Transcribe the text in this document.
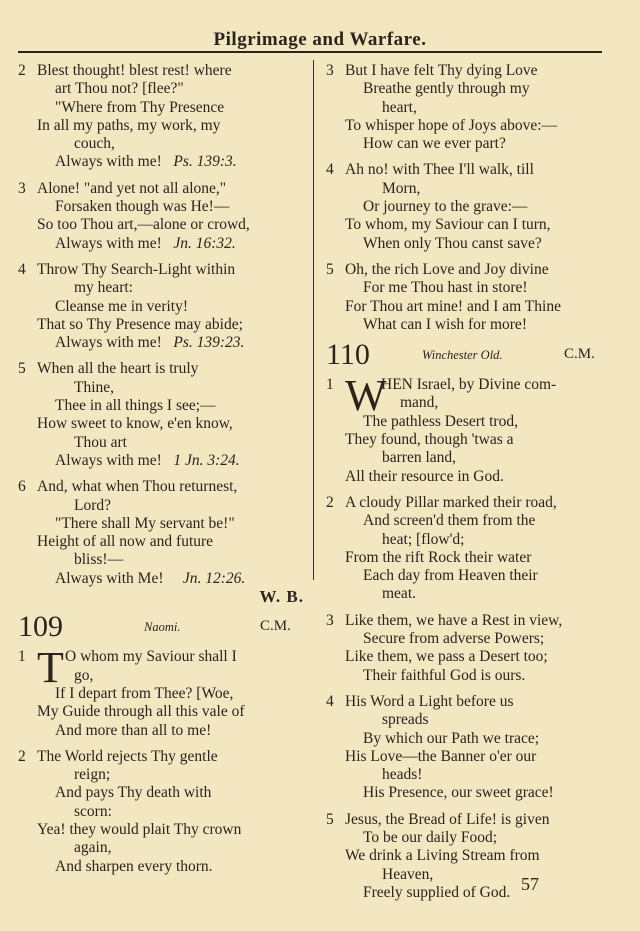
Pilgrimage and Warfare.
2 Blest thought! blest rest! where
art Thou not? [flee?"
"Where from Thy Presence
In all my paths, my work, my
couch,
Always with me! Ps. 139:3.
3 Alone! "and yet not all alone,"
Forsaken though was He!—
So too Thou art,—alone or crowd,
Always with me! Jn. 16:32.
4 Throw Thy Search-Light within
my heart:
Cleanse me in verity!
That so Thy Presence may abide;
Always with me! Ps. 139:23.
5 When all the heart is truly
Thine,
Thee in all things I see;—
How sweet to know, e'en know,
Thou art
Always with me! 1 Jn. 3:24.
6 And, what when Thou returnest,
Lord?
"There shall My servant be!"
Height of all now and future
bliss!—
Always with Me! Jn. 12:26.
W. B.
109	Naomi.	C.M.
T
1	O whom my Saviour shall I
go,
If I depart from Thee? [Woe,
My Guide through all this vale of
And more than all to me!
2 The World rejects Thy gentle
reign;
And pays Thy death with
scorn:
Yea! they would plait Thy crown
again,
And sharpen every thorn.
3 But I have felt Thy dying Love
Breathe gently through my
heart,
To whisper hope of Joys above:—
How can we ever part?
4 Ah no! with Thee I'll walk, till
Morn,
Or journey to the grave:—
To whom, my Saviour can I turn,
When only Thou canst save?
5 Oh, the rich Love and Joy divine
For me Thou hast in store!
For Thou art mine! and I am Thine
What can I wish for more!
110	Winchester Old.	C.M.
W
1	HEN Israel, by Divine com-
mand,
The pathless Desert trod,
They found, though 'twas a
barren land,
All their resource in God.
2 A cloudy Pillar marked their road,
And screen'd them from the
heat; [flow'd;
From the rift Rock their water
Each day from Heaven their
meat.
3 Like them, we have a Rest in view,
Secure from adverse Powers;
Like them, we pass a Desert too;
Their faithful God is ours.
4 His Word a Light before us
spreads
By which our Path we trace;
His Love—the Banner o'er our
heads!
His Presence, our sweet grace!
5 Jesus, the Bread of Life! is given
To be our daily Food;
We drink a Living Stream from
Heaven,
Freely supplied of God. 57
